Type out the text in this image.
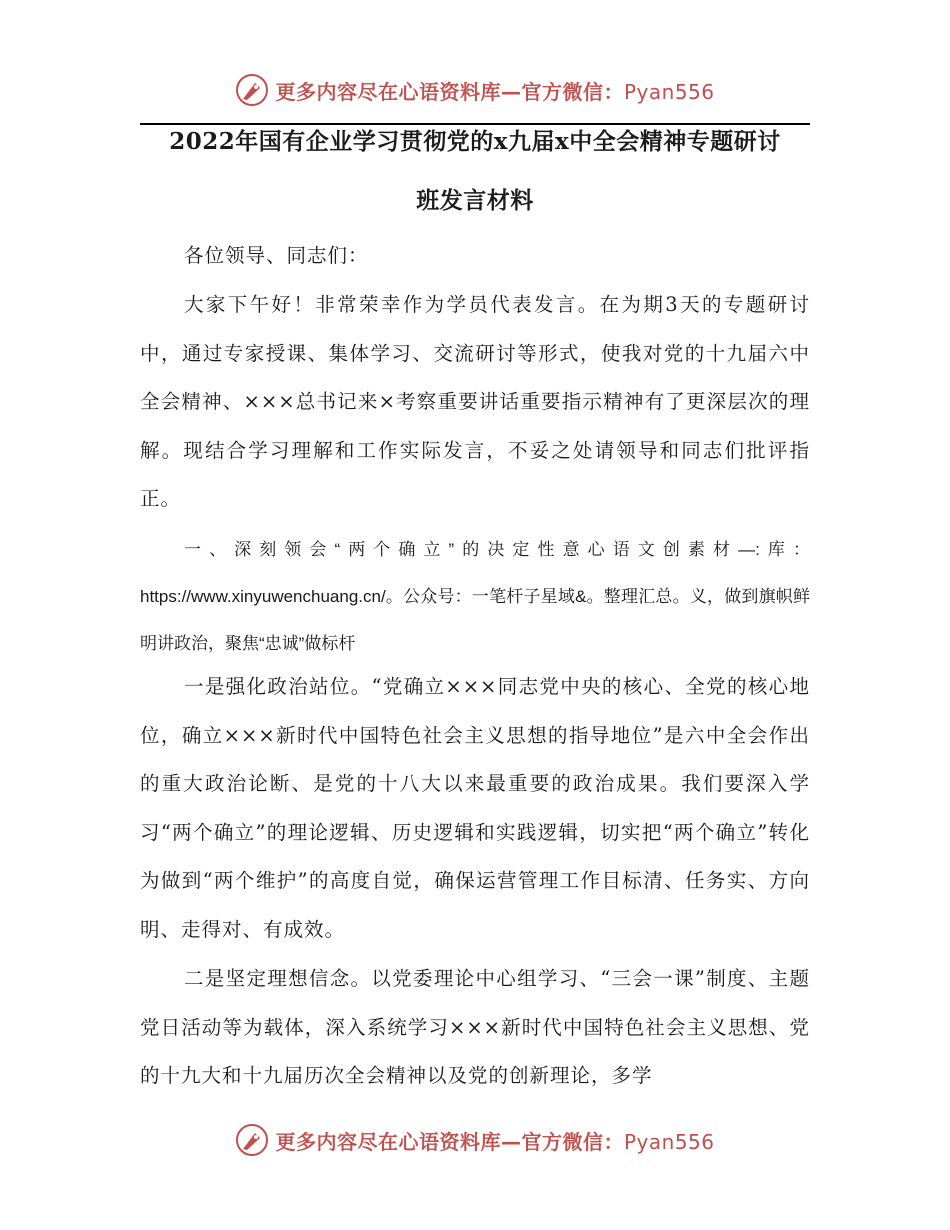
更多内容尽在心语资料库—官方微信：Pyan556
2022年国有企业学习贯彻党的x九届x中全会精神专题研讨
班发言材料

各位领导、同志们：

大家下午好！非常荣幸作为学员代表发言。在为期3天的专题研讨中，通过专家授课、集体学习、交流研讨等形式，使我对党的十九届六中全会精神、×××总书记来×考察重要讲话重要指示精神有了更深层次的理解。现结合学习理解和工作实际发言，不妥之处请领导和同志们批评指正。

一、深刻领会“两个确立”的决定性意心语文创素材—:库：https://www.xinyuwenchuang.cn/。公众号：一笔杆子星域&。整理汇总。义，做到旗帜鲜明讲政治，聚焦“忠诚”做标杆

一是强化政治站位。“党确立×××同志党中央的核心、全党的核心地位，确立×××新时代中国特色社会主义思想的指导地位”是六中全会作出的重大政治论断、是党的十八大以来最重要的政治成果。我们要深入学习“两个确立”的理论逻辑、历史逻辑和实践逻辑，切实把“两个确立”转化为做到“两个维护”的高度自觉，确保运营管理工作目标清、任务实、方向明、走得对、有成效。

二是坚定理想信念。以党委理论中心组学习、“三会一课”制度、主题党日活动等为载体，深入系统学习×××新时代中国特色社会主义思想、党的十九大和十九届历次全会精神以及党的创新理论，多学

更多内容尽在心语资料库—官方微信：Pyan556
